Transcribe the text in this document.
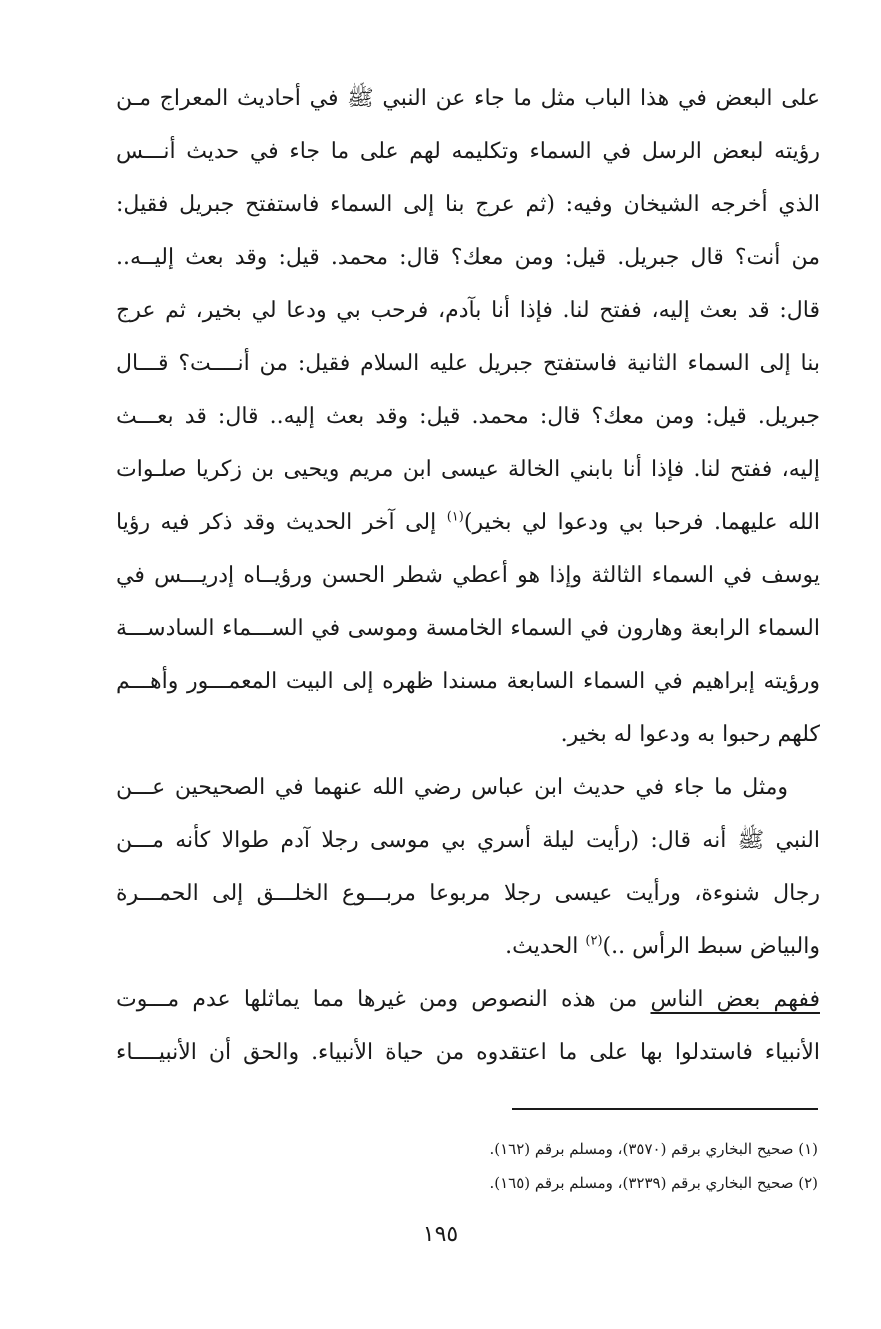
على البعض في هذا الباب مثل ما جاء عن النبي ﷺ في أحاديث المعراج مـن
رؤيته لبعض الرسل في السماء وتكليمه لهم على ما جاء في حديث أنـــس
الذي أخرجه الشيخان وفيه: (ثم عرج بنا إلى السماء فاستفتح جبريل فقيل:
من أنت؟ قال جبريل. قيل: ومن معك؟ قال: محمد. قيل: وقد بعث إليــه..
قال: قد بعث إليه، ففتح لنا. فإذا أنا بآدم، فرحب بي ودعا لي بخير، ثم عرج
بنا إلى السماء الثانية فاستفتح جبريل عليه السلام فقيل: من أنــــت؟ قـــال
جبريل. قيل: ومن معك؟ قال: محمد. قيل: وقد بعث إليه.. قال: قد بعـــث
إليه، ففتح لنا. فإذا أنا بابني الخالة عيسى ابن مريم ويحيى بن زكريا صلـوات
الله عليهما. فرحبا بي ودعوا لي بخير)$^{(١)}$ إلى آخر الحديث وقد ذكر فيه رؤيا
يوسف في السماء الثالثة وإذا هو أعطي شطر الحسن ورؤيــاه إدريـــس في
السماء الرابعة وهارون في السماء الخامسة وموسى في الســـماء السادســـة
ورؤيته إبراهيم في السماء السابعة مسندا ظهره إلى البيت المعمـــور وأهـــم
كلهم رحبوا به ودعوا له بخير.
ومثل ما جاء في حديث ابن عباس رضي الله عنهما في الصحيحين عـــن
النبي ﷺ أنه قال: (رأيت ليلة أسري بي موسى رجلا آدم طوالا كأنه مـــن
رجال شنوءة، ورأيت عيسى رجلا مربوعا مربـــوع الخلـــق إلى الحمـــرة
والبياض سبط الرأس ..)$^{(٢)}$ الحديث.
ففهم بعض الناس من هذه النصوص ومن غيرها مما يماثلها عدم مـــوت
الأنبياء فاستدلوا بها على ما اعتقدوه من حياة الأنبياء. والحق أن الأنبيــــاء
(١) صحيح البخاري برقم (٣٥٧٠)، ومسلم برقم (١٦٢).
(٢) صحيح البخاري برقم (٣٢٣٩)، ومسلم برقم (١٦٥).
١٩٥
